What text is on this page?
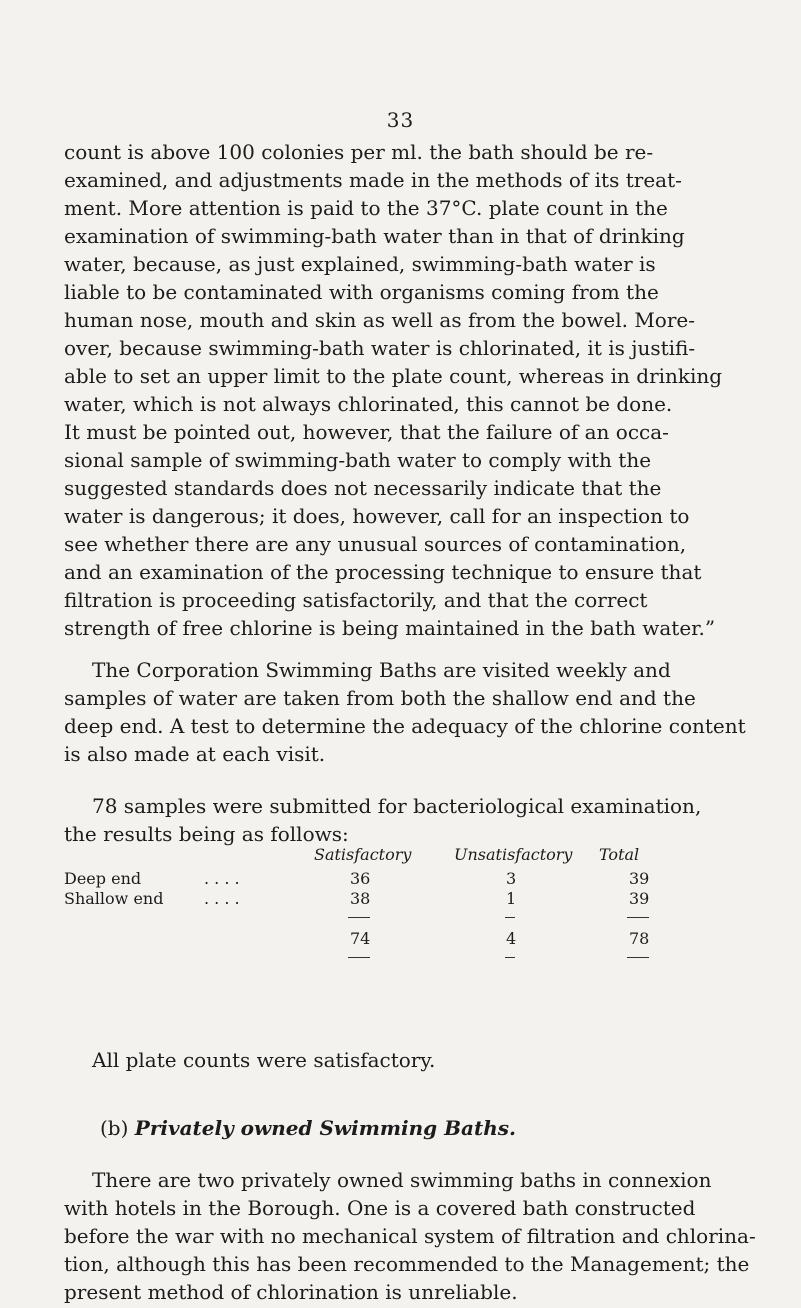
33

count is above 100 colonies per ml. the bath should be re-
examined, and adjustments made in the methods of its treat-
ment. More attention is paid to the 37°C. plate count in the
examination of swimming-bath water than in that of drinking
water, because, as just explained, swimming-bath water is
liable to be contaminated with organisms coming from the
human nose, mouth and skin as well as from the bowel. More-
over, because swimming-bath water is chlorinated, it is justifi-
able to set an upper limit to the plate count, whereas in drinking
water, which is not always chlorinated, this cannot be done.
It must be pointed out, however, that the failure of an occa-
sional sample of swimming-bath water to comply with the
suggested standards does not necessarily indicate that the
water is dangerous; it does, however, call for an inspection to
see whether there are any unusual sources of contamination,
and an examination of the processing technique to ensure that
filtration is proceeding satisfactorily, and that the correct
strength of free chlorine is being maintained in the bath water.”

The Corporation Swimming Baths are visited weekly and
samples of water are taken from both the shallow end and the
deep end. A test to determine the adequacy of the chlorine content
is also made at each visit.

78 samples were submitted for bacteriological examination,
the results being as follows:

Satisfactory	Unsatisfactory Total
Deep end	. . . .	36	3	39
Shallow end	. . . .	38	1	39
74	4	78

All plate counts were satisfactory.

(b) Privately owned Swimming Baths.

There are two privately owned swimming baths in connexion
with hotels in the Borough. One is a covered bath constructed
before the war with no mechanical system of filtration and chlorina-
tion, although this has been recommended to the Management; the
present method of chlorination is unreliable.
